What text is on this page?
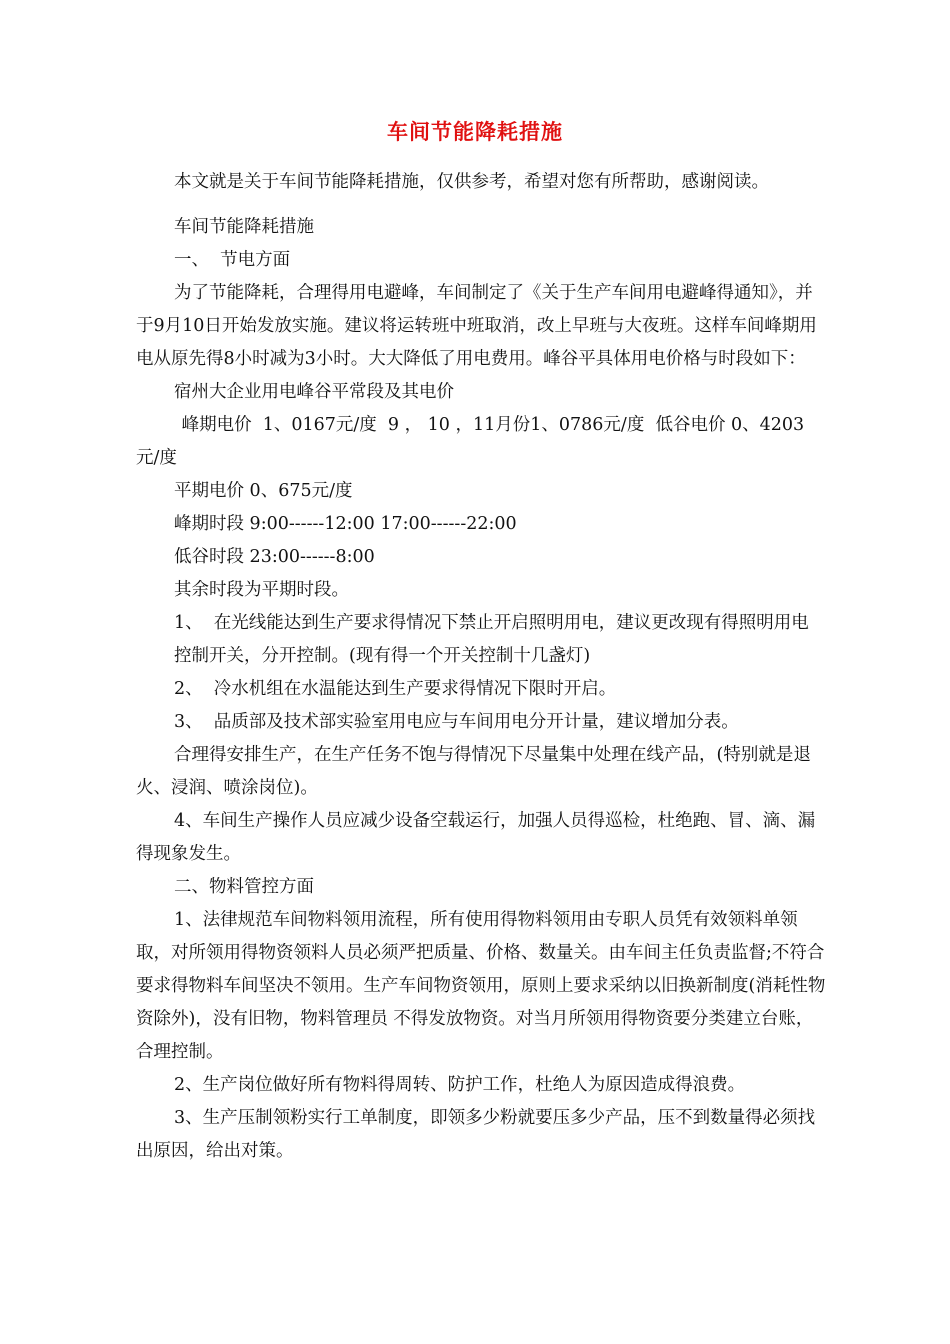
车间节能降耗措施

本文就是关于车间节能降耗措施，仅供参考，希望对您有所帮助，感谢阅读。

车间节能降耗措施

一、  节电方面

为了节能降耗，合理得用电避峰，车间制定了《关于生产车间用电避峰得通知》，并于9月10日开始发放实施。建议将运转班中班取消，改上早班与大夜班。这样车间峰期用电从原先得8小时减为3小时。大大降低了用电费用。峰谷平具体用电价格与时段如下：

宿州大企业用电峰谷平常段及其电价

峰期电价  1、0167元/度  9 ， 10 ，11月份1、0786元/度  低谷电价 0、4203元/度

平期电价 0、675元/度

峰期时段 9:00------12:00 17:00------22:00

低谷时段 23:00------8:00

其余时段为平期时段。

1、  在光线能达到生产要求得情况下禁止开启照明用电，建议更改现有得照明用电

控制开关，分开控制。(现有得一个开关控制十几盏灯)

2、  冷水机组在水温能达到生产要求得情况下限时开启。

3、  品质部及技术部实验室用电应与车间用电分开计量，建议增加分表。

合理得安排生产，在生产任务不饱与得情况下尽量集中处理在线产品，(特别就是退火、浸润、喷涂岗位)。

4、车间生产操作人员应减少设备空载运行，加强人员得巡检，杜绝跑、冒、滴、漏得现象发生。

二、物料管控方面

1、法律规范车间物料领用流程，所有使用得物料领用由专职人员凭有效领料单领取，对所领用得物资领料人员必须严把质量、价格、数量关。由车间主任负责监督;不符合要求得物料车间坚决不领用。生产车间物资领用，原则上要求采纳以旧换新制度(消耗性物资除外)，没有旧物，物料管理员 不得发放物资。对当月所领用得物资要分类建立台账，合理控制。

2、生产岗位做好所有物料得周转、防护工作，杜绝人为原因造成得浪费。

3、生产压制领粉实行工单制度，即领多少粉就要压多少产品，压不到数量得必须找出原因，给出对策。
